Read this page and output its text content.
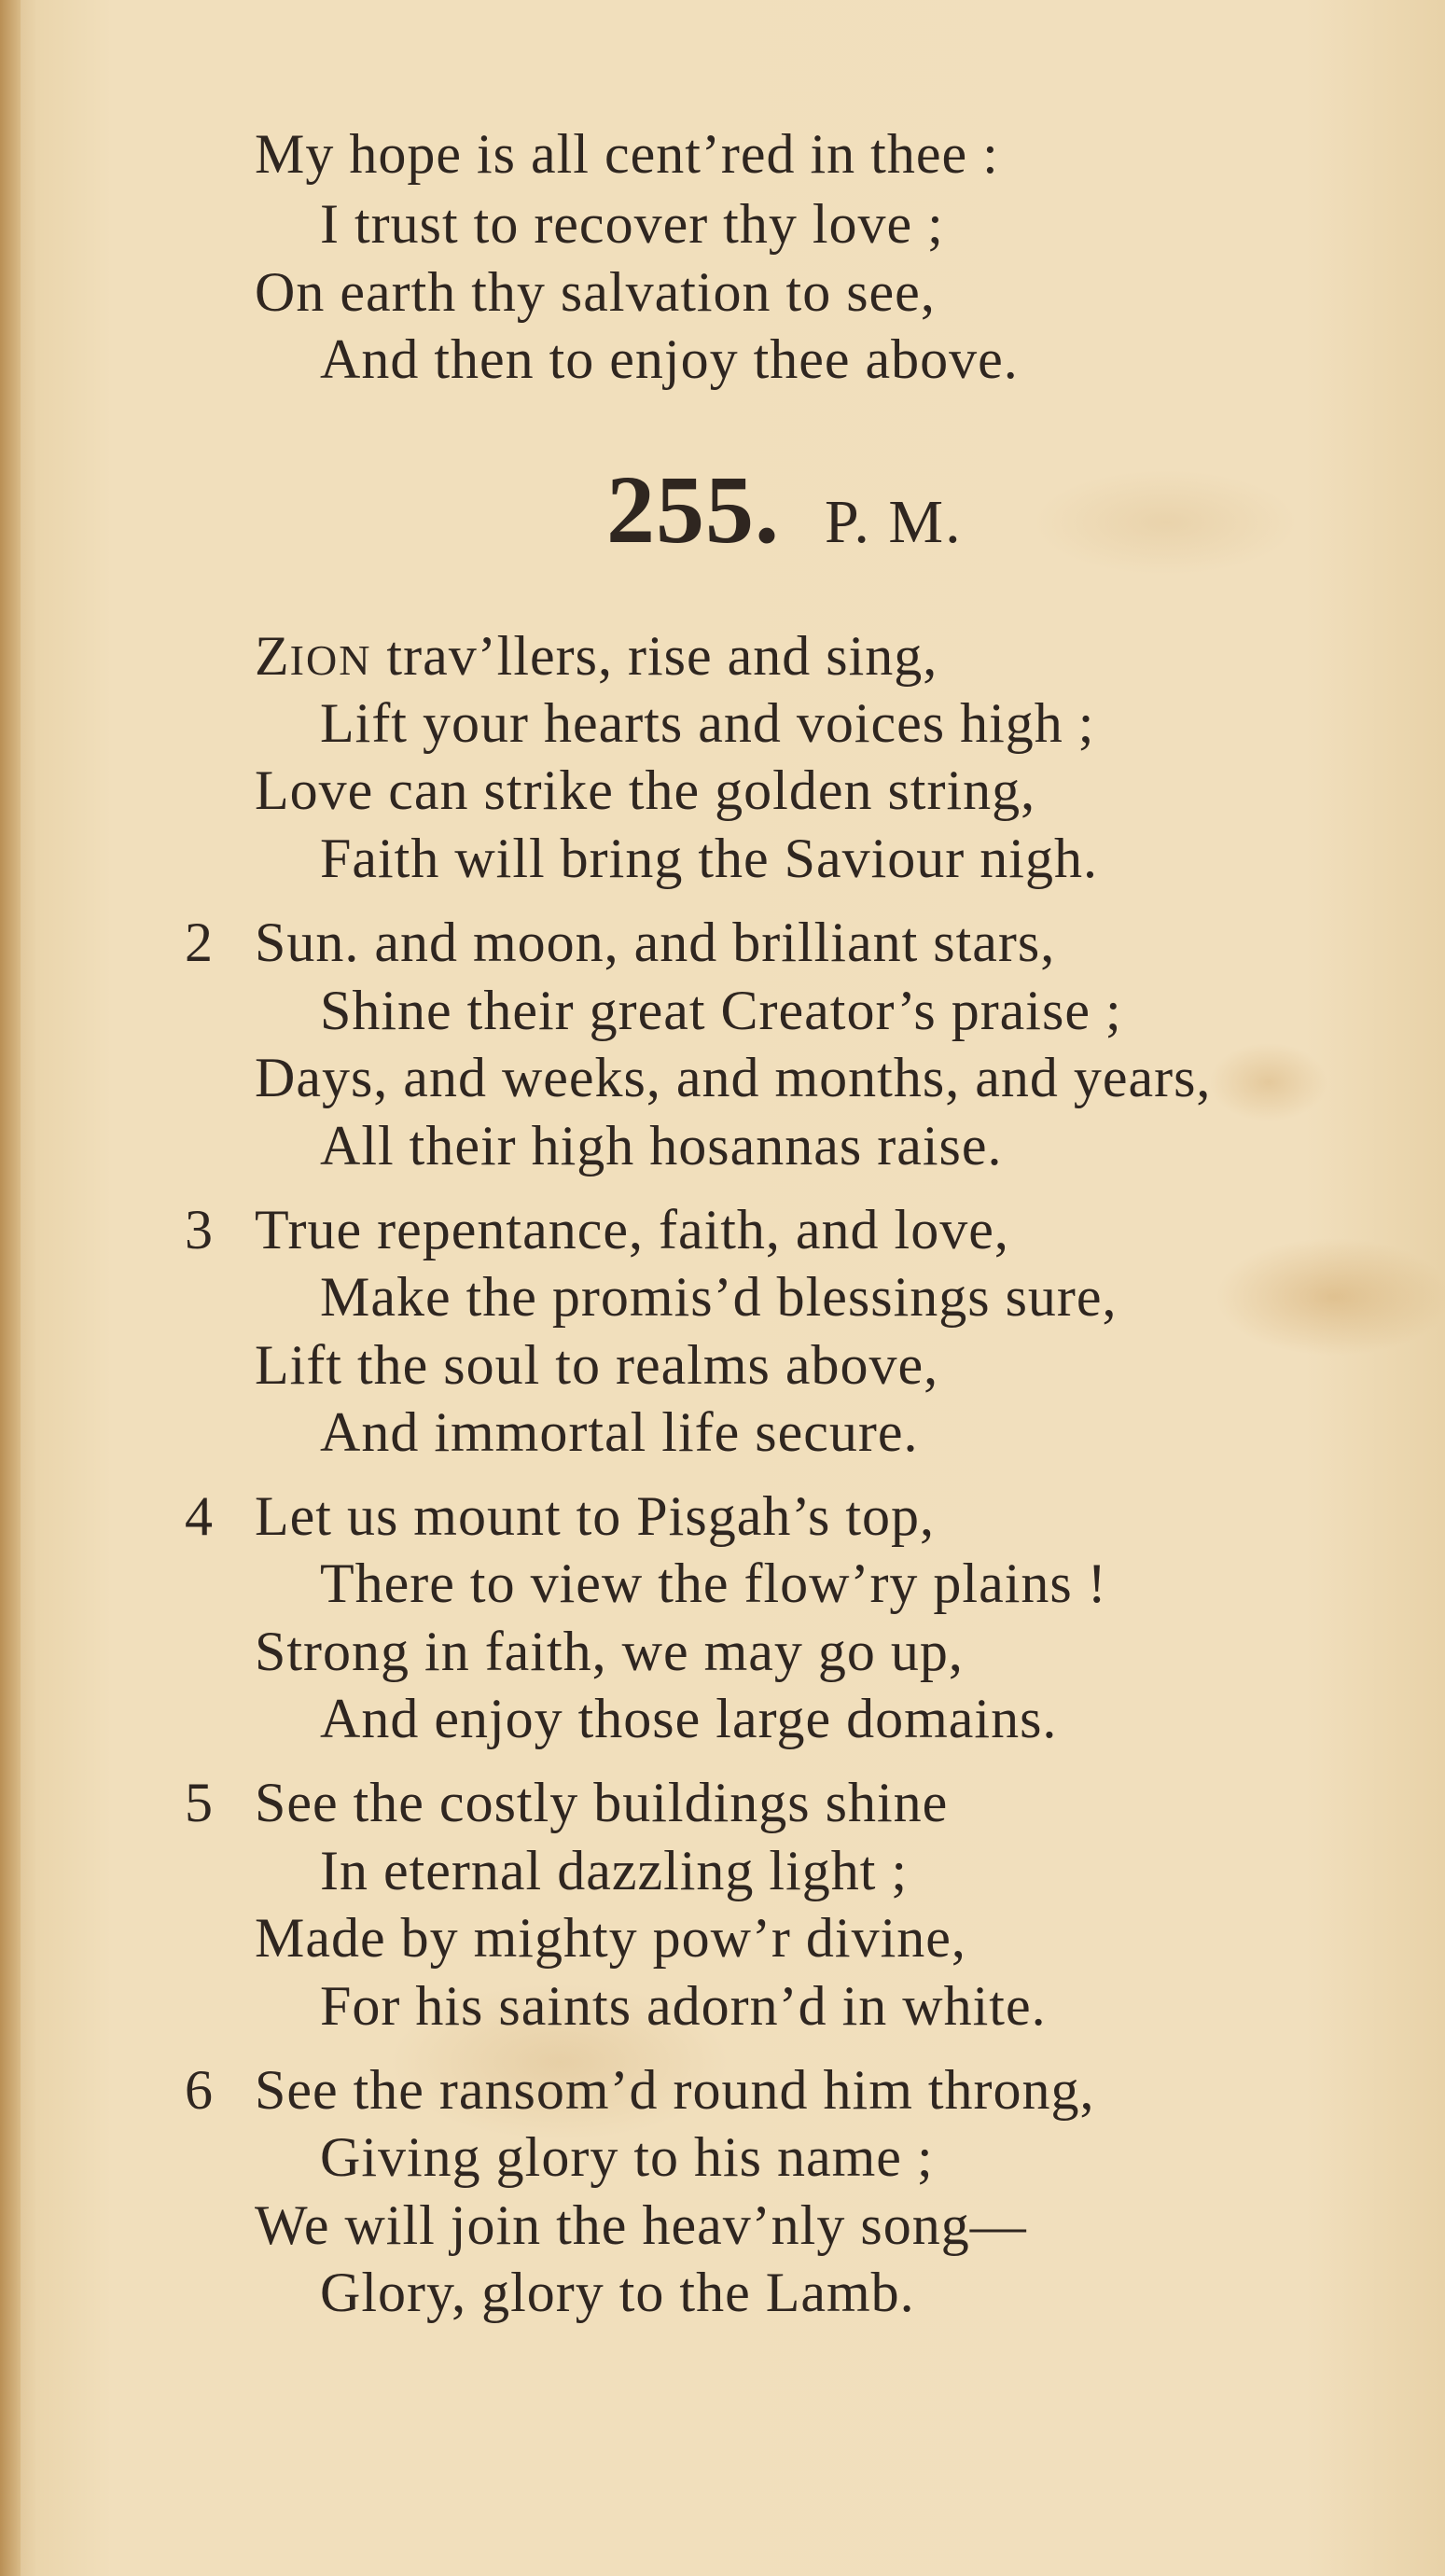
My hope is all cent’red in thee :

I trust to recover thy love ;

On earth thy salvation to see,

And then to enjoy thee above.

255. P. M.

ZION trav’llers, rise and sing,

Lift your hearts and voices high ;

Love can strike the golden string,

Faith will bring the Saviour nigh.

2 Sun. and moon, and brilliant stars,

Shine their great Creator’s praise ;

Days, and weeks, and months, and years,

All their high hosannas raise.

3 True repentance, faith, and love,

Make the promis’d blessings sure,

Lift the soul to realms above,

And immortal life secure.

4 Let us mount to Pisgah’s top,

There to view the flow’ry plains !

Strong in faith, we may go up,

And enjoy those large domains.

5 See the costly buildings shine

In eternal dazzling light ;

Made by mighty pow’r divine,

For his saints adorn’d in white.

6 See the ransom’d round him throng,

Giving glory to his name ;

We will join the heav’nly song—

Glory, glory to the Lamb.
